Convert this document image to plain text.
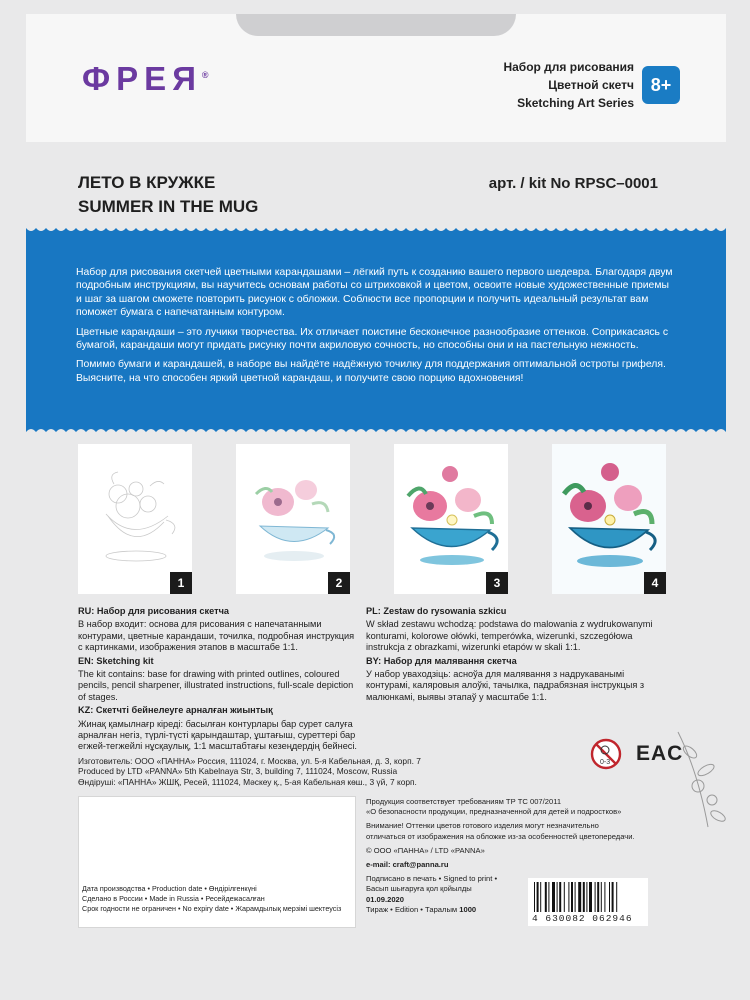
ФРЕЯ®
Набор для рисования
Цветной скетч
Sketching Art Series
8+
ЛЕТО В КРУЖКЕ
SUMMER IN THE MUG
арт. / kit No RPSC–0001

Набор для рисования скетчей цветными карандашами – лёгкий путь к созданию вашего первого шедевра. Благодаря двум подробным инструкциям, вы научитесь основам работы со штриховкой и цветом, освоите новые художественные приемы и шаг за шагом сможете повторить рисунок с обложки. Соблюсти все пропорции и получить идеальный результат вам поможет бумага с напечатанным контуром.

Цветные карандаши – это лучики творчества. Их отличает поистине бесконечное разнообразие оттенков. Соприкасаясь с бумагой, карандаши могут придать рисунку почти акриловую сочность, но способны они и на пастельную нежность.

Помимо бумаги и карандашей, в наборе вы найдёте надёжную точилку для поддержания оптимальной остроты грифеля. Выясните, на что способен яркий цветной карандаш, и получите свою порцию вдохновения!

1	2	3	4

RU: Набор для рисования скетча

В набор входит: основа для рисования с напечатанными контурами, цветные карандаши, точилка, подробная инструкция с картинками, изображения этапов в масштабе 1:1.

EN: Sketching kit

The kit contains: base for drawing with printed outlines, coloured pencils, pencil sharpener, illustrated instructions, full-scale depiction of stages.

KZ: Скетчті бейнелеуге арналған жиынтық

Жинақ қамылнағр кіреді: басылған контурлары бар сурет салуға арналған негіз, түрлі-түсті қарындаштар, ұштағыш, суреттері бар егжей-тегжейлі нұсқаулық, 1:1 масштабтағы кезеңдердің бейнесі.

PL: Zestaw do rysowania szkicu

W skład zestawu wchodzą: podstawa do malowania z wydrukowanymi konturami, kolorowe ołówki, temperówka, wizerunki, szczegółowa instrukcja z obrazkami, wizerunki etapów w skali 1:1.

BY: Набор для малявання скетча

У набор уваходзіць: асноўа для малявання з надрукаванымі контурамі, каляровыя алоўкі, тачылка, падрабязная інструкцыя з малюнкамі, выявы этапаў у масштабе 1:1.

0-3 EAC

Изготовитель: ООО «ПАННА» Россия, 111024, г. Москва, ул. 5-я Кабельная, д. 3, корп. 7

Produced by LTD «PANNA» 5th Kabelnaya Str, 3, building 7, 111024, Moscow, Russia

Өндіруші: «ПАННА» ЖШҚ, Ресей, 111024, Мәскеу қ., 5-ая Кабельная көш., 3 үй, 7 корп.

Дата производства • Production date • Өндірілгенкүні

Сделано в России • Made in Russia • Ресейдежасалған

Срок годности не ограничен • No expiry date • Жарамдылық мерзімі шектеусіз

Продукция соответствует требованиям ТР ТС 007/2011
«О безопасности продукции, предназначенной для детей и подростков»

Внимание! Оттенки цветов готового изделия могут незначительно
отличаться от изображения на обложке из-за особенностей цветопередачи.

© ООО «ПАННА» / LTD «PANNA»

e-mail: craft@panna.ru

Подписано в печать • Signed to print •
Басып шығаруға қол қойылды
01.09.2020
Тираж • Edition • Таралым 1000

4 630082 062946
